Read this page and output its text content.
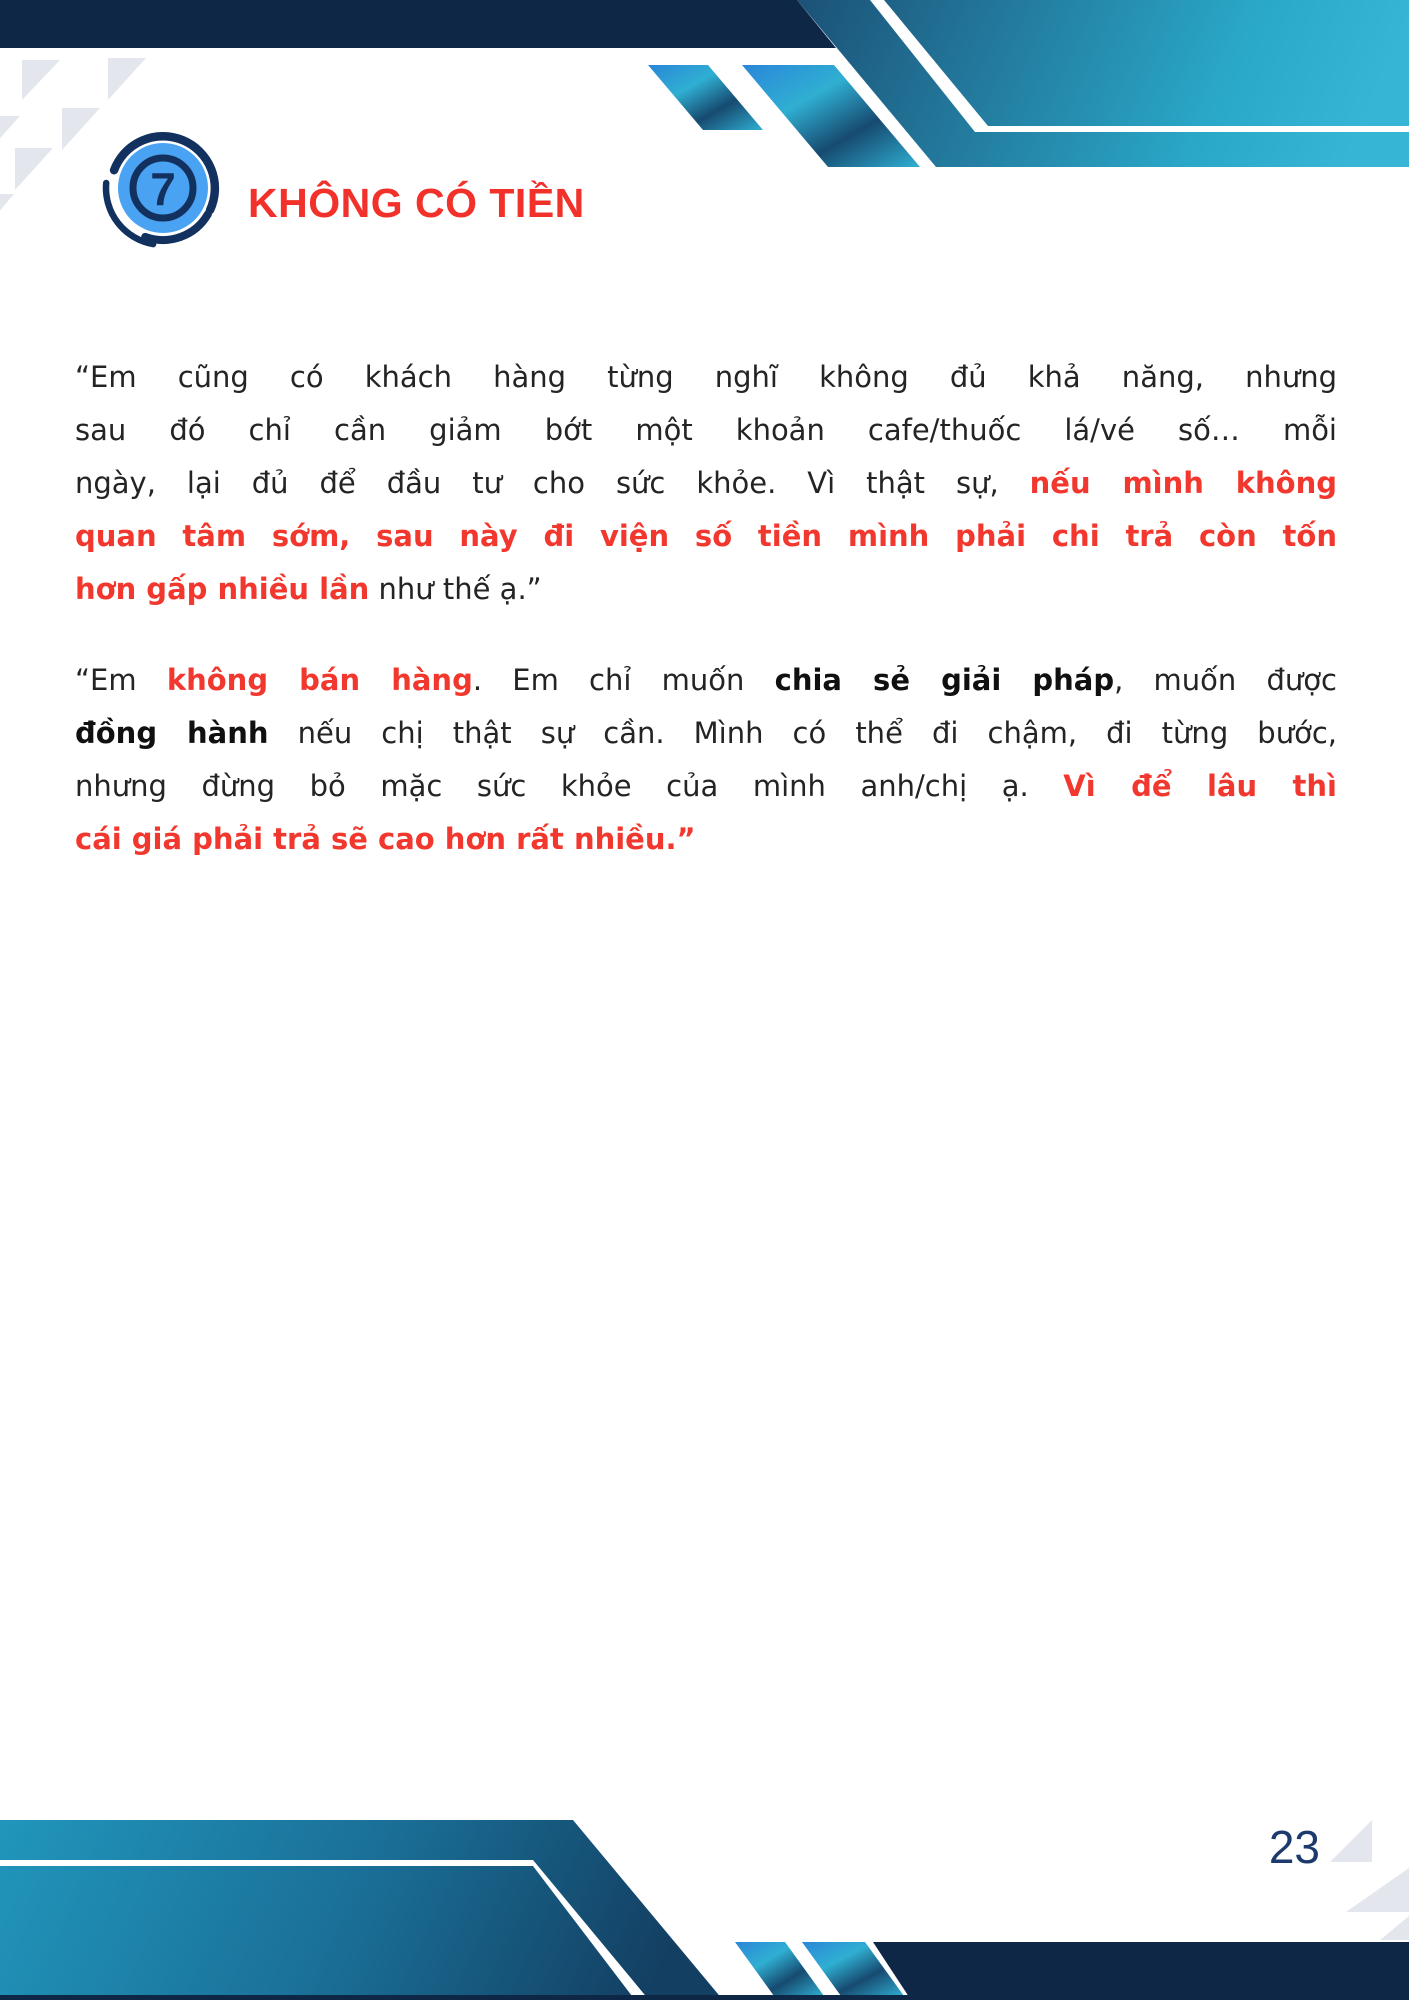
7 KHÔNG CÓ TIỀN
“Em cũng có khách hàng từng nghĩ không đủ khả năng, nhưng
sau đó chỉ cần giảm bớt một khoản cafe/thuốc lá/vé số… mỗi
ngày, lại đủ để đầu tư cho sức khỏe. Vì thật sự, nếu mình không
quan tâm sớm, sau này đi viện số tiền mình phải chi trả còn tốn
hơn gấp nhiều lần như thế ạ.”
“Em không bán hàng. Em chỉ muốn chia sẻ giải pháp, muốn được
đồng hành nếu chị thật sự cần. Mình có thể đi chậm, đi từng bước,
nhưng đừng bỏ mặc sức khỏe của mình anh/chị ạ. Vì để lâu thì
cái giá phải trả sẽ cao hơn rất nhiều.”
23
